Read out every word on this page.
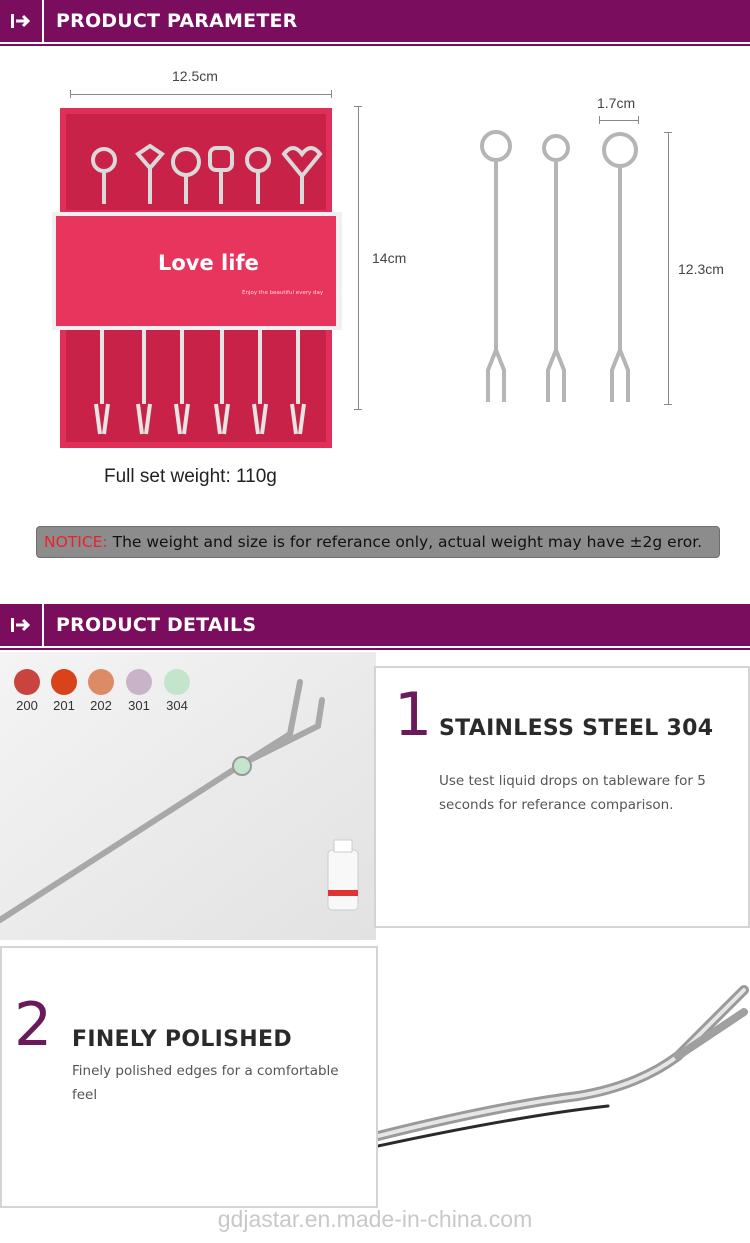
PRODUCT PARAMETER
12.5cm
Love life
Enjoy the beautiful every day
14cm
1.7cm
12.3cm
Full set weight: 110g
NOTICE: The weight and size is for referance only, actual weight may have ±2g eror.
PRODUCT DETAILS
200	201	202	301	304	1 STAINLESS STEEL 304
Use test liquid drops on tableware for 5
seconds for referance comparison.
2 FINELY POLISHED
Finely polished edges for a comfortable
feel
gdjastar.en.made-in-china.com
